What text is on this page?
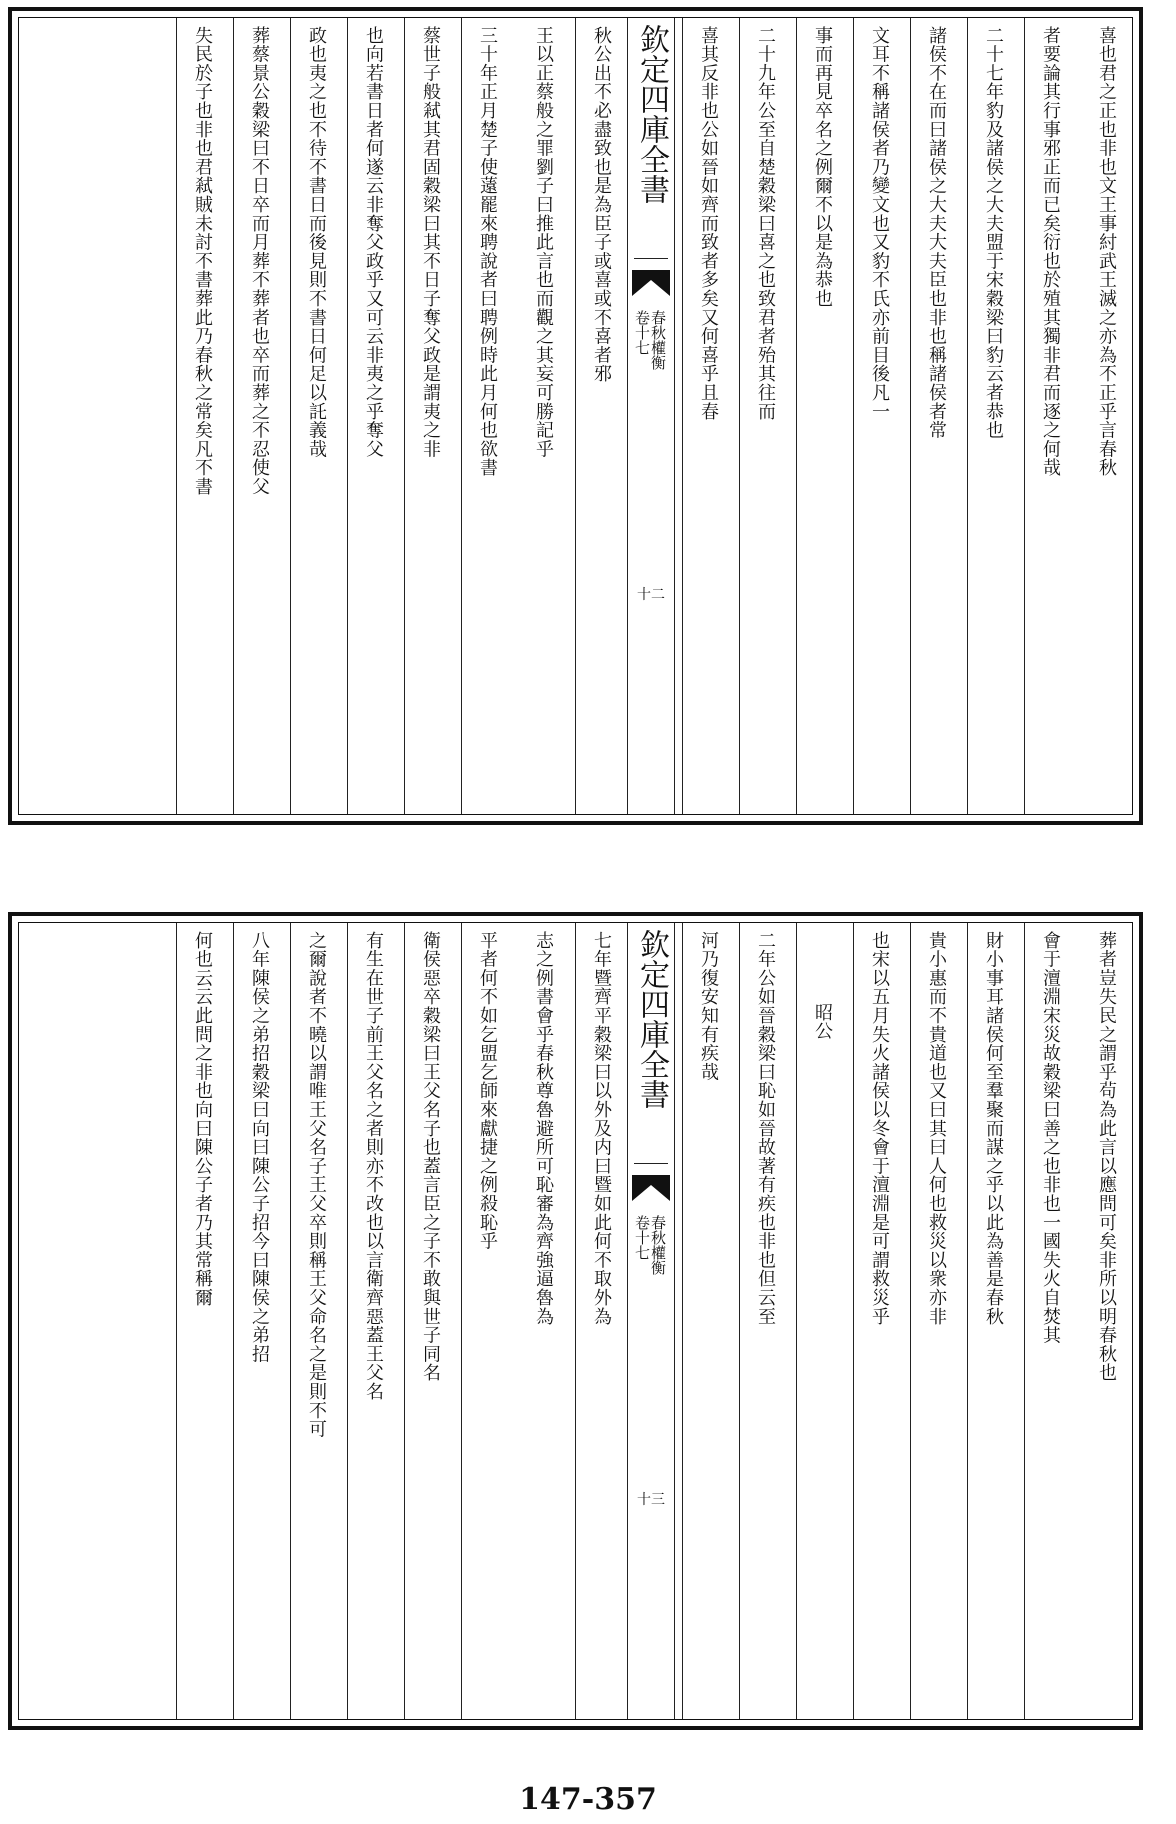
喜也君之正也非也文王事紂武王滅之亦為不正乎言春秋
者要論其行事邪正而已矣衍也於殖其獨非君而逐之何哉
二十七年豹及諸侯之大夫盟于宋穀梁曰豹云者恭也
諸侯不在而曰諸侯之大夫大夫臣也非也稱諸侯者常
文耳不稱諸侯者乃變文也又豹不氏亦前目後凡一
事而再見卒名之例爾不以是為恭也
二十九年公至自楚穀梁曰喜之也致君者殆其往而
喜其反非也公如晉如齊而致者多矣又何喜乎且春
秋公出不必盡致也是為臣子或喜或不喜者邪 欽定四庫全書
春秋權衡
卷十七
十二
王以正蔡般之罪劉子曰推此言也而觀之其妄可勝記乎
三十年正月楚子使薳罷來聘說者曰聘例時此月何也欲書
蔡世子般弒其君固穀梁曰其不日子奪父政是謂夷之非
也向若書日者何遂云非奪父政乎又可云非夷之乎奪父
政也夷之也不待不書日而後見則不書日何足以託義哉
葬蔡景公穀梁曰不日卒而月葬不葬者也卒而葬之不忍使父
失民於子也非也君弒賊未討不書葬此乃春秋之常矣凡不書
葬者豈失民之謂乎茍為此言以應問可矣非所以明春秋也
會于澶淵宋災故穀梁曰善之也非也一國失火自焚其
財小事耳諸侯何至羣聚而謀之乎以此為善是春秋
貴小惠而不貴道也又曰其曰人何也救災以衆亦非
也宋以五月失火諸侯以冬會于澶淵是可謂救災乎
昭公
二年公如晉穀梁曰恥如晉故著有疾也非也但云至
河乃復安知有疾哉
七年暨齊平穀梁曰以外及内曰暨如此何不取外為 欽定四庫全書
春秋權衡
卷十七
十三
志之例書會乎春秋尊魯避所可恥審為齊強逼魯為
平者何不如乞盟乞師來獻捷之例殺恥乎
衛侯惡卒穀梁曰王父名子也蓋言臣之子不敢與世子同名
有生在世子前王父名之者則亦不改也以言衛齊惡蓋王父名
之爾說者不曉以謂唯王父名子王父卒則稱王父命名之是則不可
八年陳侯之弟招穀梁曰向曰陳公子招今曰陳侯之弟招
何也云云此問之非也向曰陳公子者乃其常稱爾
147-357
